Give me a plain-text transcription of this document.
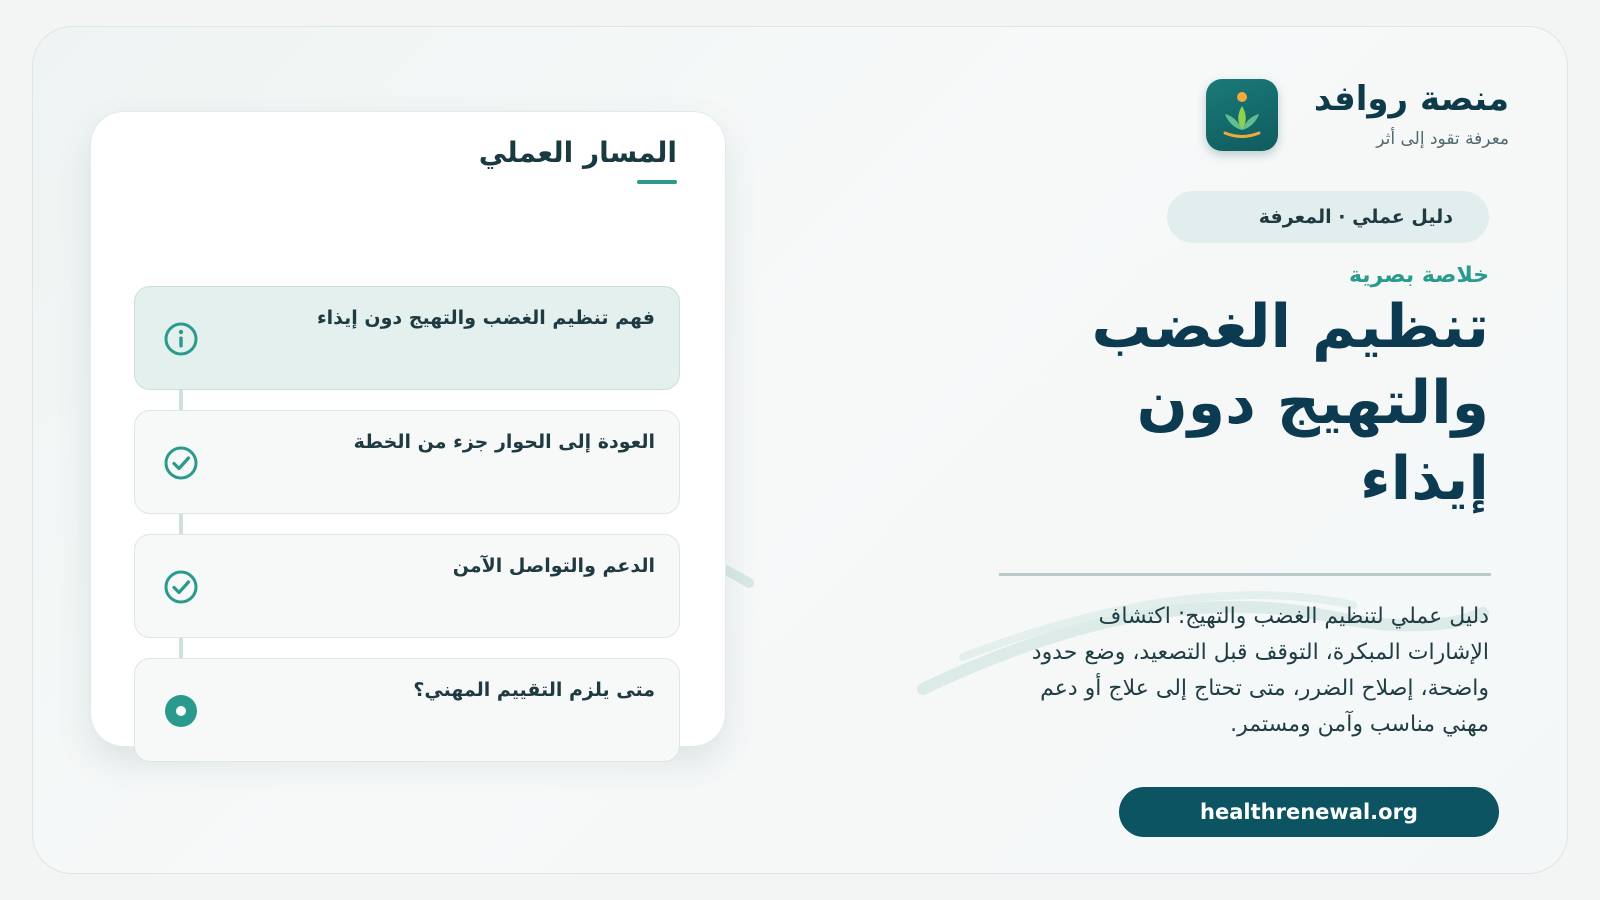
منصة روافد
معرفة تقود إلى أثر
دليل عملي · المعرفة
خلاصة بصرية
تنظيم الغضب والتهيج دون إيذاء
دليل عملي لتنظيم الغضب والتهيج: اكتشاف الإشارات المبكرة، التوقف قبل التصعيد، وضع حدود واضحة، إصلاح الضرر، متى تحتاج إلى علاج أو دعم مهني مناسب وآمن ومستمر.
healthrenewal.org
المسار العملي
فهم تنظيم الغضب والتهيج دون إيذاء
العودة إلى الحوار جزء من الخطة
الدعم والتواصل الآمن
متى يلزم التقييم المهني؟
